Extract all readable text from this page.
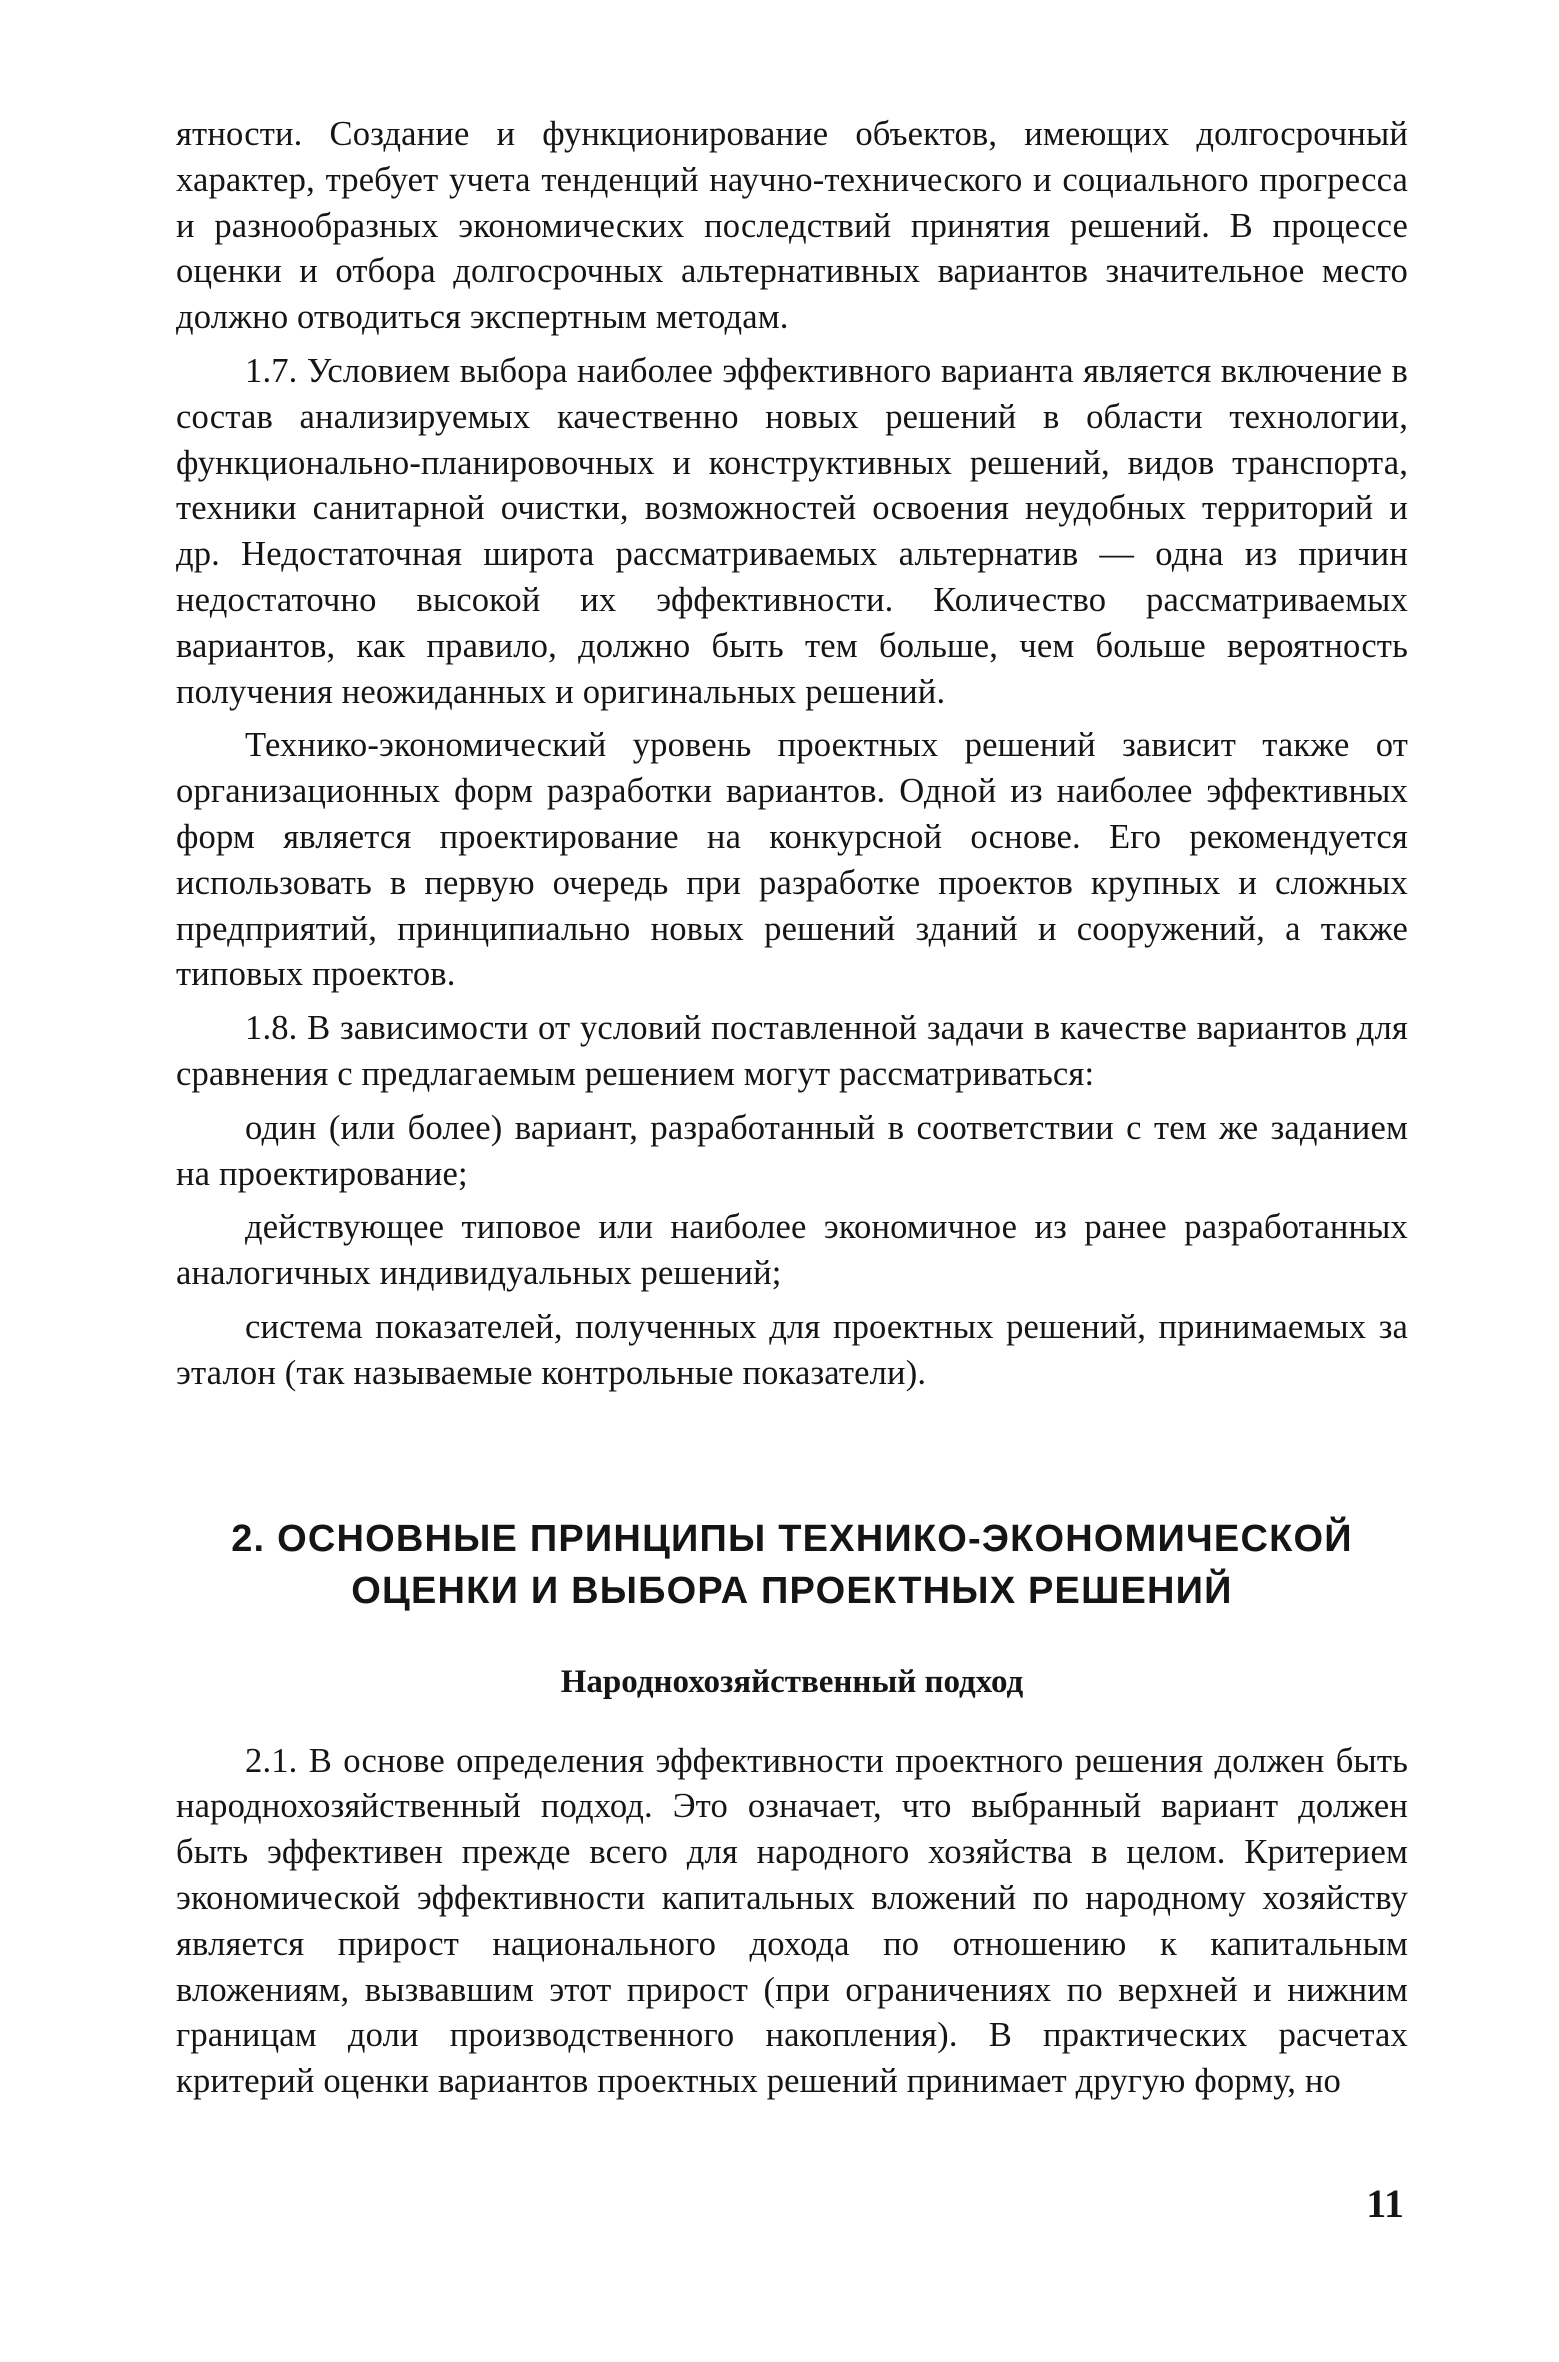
ятности. Создание и функционирование объектов, имеющих долгосрочный характер, требует учета тенденций научно-технического и социального прогресса и разнообразных экономических последствий принятия решений. В процессе оценки и отбора долгосрочных альтернативных вариантов значительное место должно отводиться экспертным методам.

1.7. Условием выбора наиболее эффективного варианта является включение в состав анализируемых качественно новых решений в области технологии, функционально-планировочных и конструктивных решений, видов транспорта, техники санитарной очистки, возможностей освоения неудобных территорий и др. Недостаточная широта рассматриваемых альтернатив — одна из причин недостаточно высокой их эффективности. Количество рассматриваемых вариантов, как правило, должно быть тем больше, чем больше вероятность получения неожиданных и оригинальных решений.

Технико-экономический уровень проектных решений зависит также от организационных форм разработки вариантов. Одной из наиболее эффективных форм является проектирование на конкурсной основе. Его рекомендуется использовать в первую очередь при разработке проектов крупных и сложных предприятий, принципиально новых решений зданий и сооружений, а также типовых проектов.

1.8. В зависимости от условий поставленной задачи в качестве вариантов для сравнения с предлагаемым решением могут рассматриваться:

один (или более) вариант, разработанный в соответствии с тем же заданием на проектирование;

действующее типовое или наиболее экономичное из ранее разработанных аналогичных индивидуальных решений;

система показателей, полученных для проектных решений, принимаемых за эталон (так называемые контрольные показатели).

2. ОСНОВНЫЕ ПРИНЦИПЫ ТЕХНИКО-ЭКОНОМИЧЕСКОЙ
ОЦЕНКИ И ВЫБОРА ПРОЕКТНЫХ РЕШЕНИЙ
Народнохозяйственный подход

2.1. В основе определения эффективности проектного решения должен быть народнохозяйственный подход. Это означает, что выбранный вариант должен быть эффективен прежде всего для народного хозяйства в целом. Критерием экономической эффективности капитальных вложений по народному хозяйству является прирост национального дохода по отношению к капитальным вложениям, вызвавшим этот прирост (при ограничениях по верхней и нижним границам доли производственного накопления). В практических расчетах критерий оценки вариантов проектных решений принимает другую форму, но

11
